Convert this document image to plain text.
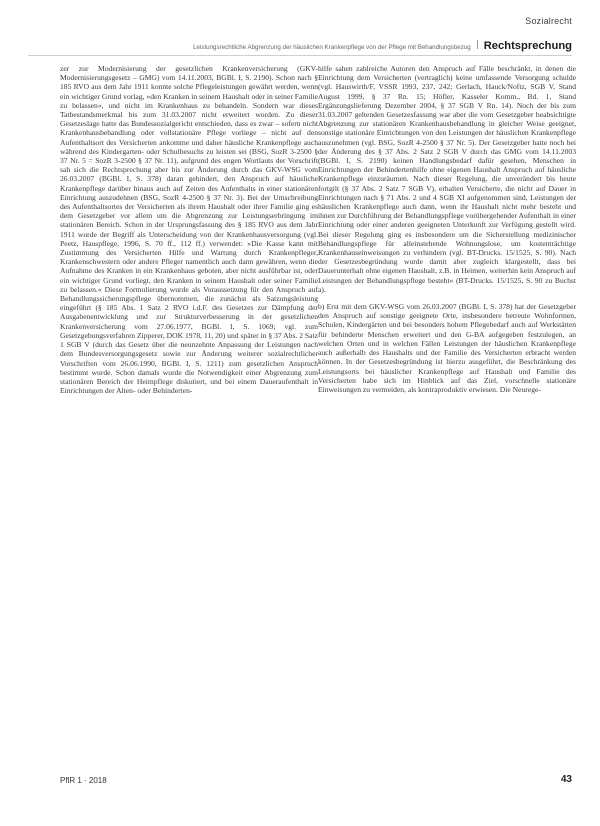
Sozialrecht
Leistungsrechtliche Abgrenzung der häuslichen Krankenpflege von der Pflege mit Behandlungsbezug Rechtsprechung

zer zur Modernisierung der gesetzlichen Krankenversicherung (GKV-Modernisierungsgesetz – GMG) vom 14.11.2003, BGBl. I, S. 2190). Schon nach § 185 RVO aus dem Jahr 1911 konnte solche Pflegeleistungen gewährt werden, wenn ein wichtiger Grund vorlag, »den Kranken in seinem Haushalt oder in seiner Familie zu belassen«, und nicht im Krankenhaus zu behandeln. Sondern war dieses Tatbestandsmerkmal bis zum 31.03.2007 nicht erweitert worden. Zu dieser Gesetzeslage hatte das Bundessozialgericht entschieden, dass es zwar – sofern nicht Krankenhausbehandlung oder vollstationäre Pflege vorliege – nicht auf den Aufenthaltsort des Versicherten ankomme und daher häusliche Krankenpflege auch während des Kindergarten- oder Schulbesuchs zu leisten sei (BSG, SozR 3-2500 § 37 Nr. 5 = SozR 3-2500 § 37 Nr. 11), aufgrund des engen Wortlauts der Vorschrift sah sich die Rechtsprechung aber bis zur Änderung durch das GKV-WSG vom 26.03.2007 (BGBl. I, S. 378) daran gehindert, den Anspruch auf häusliche Krankenpflege darüber hinaus auch auf Zeiten des Aufenthalts in einer stationären Einrichtung auszudehnen (BSG, SozR 4-2500 § 37 Nr. 3). Bei der Umschreibung des Aufenthaltsortes der Versicherten als ihrem Haushalt oder ihrer Familie ging es dem Gesetzgeber vor allem um die Abgrenzung zur Leistungserbringung im stationären Bereich. Schon in der Ursprungsfassung des § 185 RVO aus dem Jahr 1911 wurde der Begriff als Unterscheidung von der Krankenhausversorgung (vgl. Peetz, Hauspflege, 1996, S. 70 ff., 112 ff.) verwendet: »Die Kasse kann mit Zustimmung des Versicherten Hilfe und Wartung durch Krankenpfleger, Krankenschwestern oder andere Pfleger namentlich auch dann gewähren, wenn die Aufnahme des Kranken in ein Krankenhaus geboten, aber nicht ausführbar ist, oder ein wichtiger Grund vorliegt, den Kranken in seinem Haushalt oder seiner Familie zu belassen.« Diese Formulierung wurde als Voraussetzung für den Anspruch auf Behandlungssicherungspflege übernommen, die zunächst als Satzungsleistung eingeführt (§ 185 Abs. 1 Satz 2 RVO i.d.F. des Gesetzes zur Dämpfung der Ausgabenentwicklung und zur Strukturverbesserung in der gesetzlichen Krankenversicherung vom 27.06.1977, BGBl. I, S. 1069; vgl. zum Gesetzgebungsverfahren Zipperer, DOK 1978, 11, 20) und später in § 37 Abs. 2 Satz 1 SGB V (durch das Gesetz über die neunzehnte Anpassung der Leistungen nach dem Bundesversorgungsgesetz sowie zur Änderung weiterer sozialrechtlicher Vorschriften vom 26.06.1990, BGBl. I, S. 1211) zum gesetzlichen Anspruch bestimmt wurde. Schon damals wurde die Notwendigkeit einer Abgrenzung zum stationären Bereich der Heimpflege diskutiert, und bei einem Daueraufenthalt in Einrichtungen der Alten- oder Behinderten-

hilfe sahen zahlreiche Autoren den Anspruch auf Fälle beschränkt, in denen die Einrichtung dem Versicherten (vertraglich) keine umfassende Versorgung schulde (vgl. Hauswirth/F, VSSR 1993, 237, 242; Gerlach, Hauck/Noftz, SGB V, Stand August 1999, § 37 Rn. 15; Höfler, Kasseler Komm., Bd. 1, Stand Ergänzungslieferung Dezember 2004, § 37 SGB V Rn. 14). Noch der bis zum 31.03.2007 geltenden Gesetzesfassung war aber die vom Gesetzgeber beabsichtigte Abgrenzung zur stationären Krankenhausbehandlung in gleicher Weise geeignet, sonstige stationäre Einrichtungen von den Leistungen der häuslichen Krankenpflege auszunehmen (vgl. BSG, SozR 4-2500 § 37 Nr. 5). Der Gesetzgeber hatte noch bei der Änderung des § 37 Abs. 2 Satz 2 SGB V durch das GMG vom 14.11.2003 (BGBl. I, S. 2190) keinen Handlungsbedarf dafür gesehen, Menschen in Einrichtungen der Behindertenhilfe ohne eigenen Haushalt Anspruch auf häusliche Krankenpflege einzuräumen. Nach dieser Regelung, die unverändert bis heute fortgilt (§ 37 Abs. 2 Satz 7 SGB V), erhalten Versicherte, die nicht auf Dauer in Einrichtungen nach § 71 Abs. 2 und 4 SGB XI aufgenommen sind, Leistungen der häuslichen Krankenpflege auch dann, wenn ihr Haushalt nicht mehr besteht und ihnen zur Durchführung der Behandlungspflege vorübergehender Aufenthalt in einer Einrichtung oder einer anderen geeigneten Unterkunft zur Verfügung gestellt wird. Bei dieser Regelung ging es insbesondere um die Sicherstellung medizinischer Behandlungspflege für alleinstehende Wohnungslose, um kostenträchtige Krankenhauseinweisungen zu verhindern (vgl. BT-Drucks. 15/1525, S. 90). Nach der Gesetzesbegründung wurde damit aber zugleich klargestellt, dass bei Dauerunterhalt ohne eigenen Haushalt, z.B. in Heimen, weiterhin kein Anspruch auf Leistungen der Behandlungspflege besteht« (BT-Drucks. 15/1525, S. 90 zu Buchst a).

b) Erst mit dem GKV-WSG vom 26.03.2007 (BGBl. I, S. 378) hat der Gesetzgeber den Anspruch auf sonstige geeignete Orte, insbesondere betreute Wohnformen, Schulen, Kindergärten und bei besonders hohem Pflegebedarf auch auf Werkstätten für behinderte Menschen erweitert und den G-BA aufgegeben festzulegen, an welchen Orten und in welchen Fällen Leistungen der häuslichen Krankenpflege auch außerhalb des Haushalts und der Familie des Versicherten erbracht werden können. In der Gesetzesbegründung ist hierzu ausgeführt, die Beschränkung des Leistungsorts bei häuslicher Krankenpflege auf Haushalt und Familie des Versicherten habe sich im Hinblick auf das Ziel, vorschnelle stationäre Einweisungen zu vermeiden, als kontraproduktiv erwiesen. Die Neurege-

PflR 1 · 2018	43
